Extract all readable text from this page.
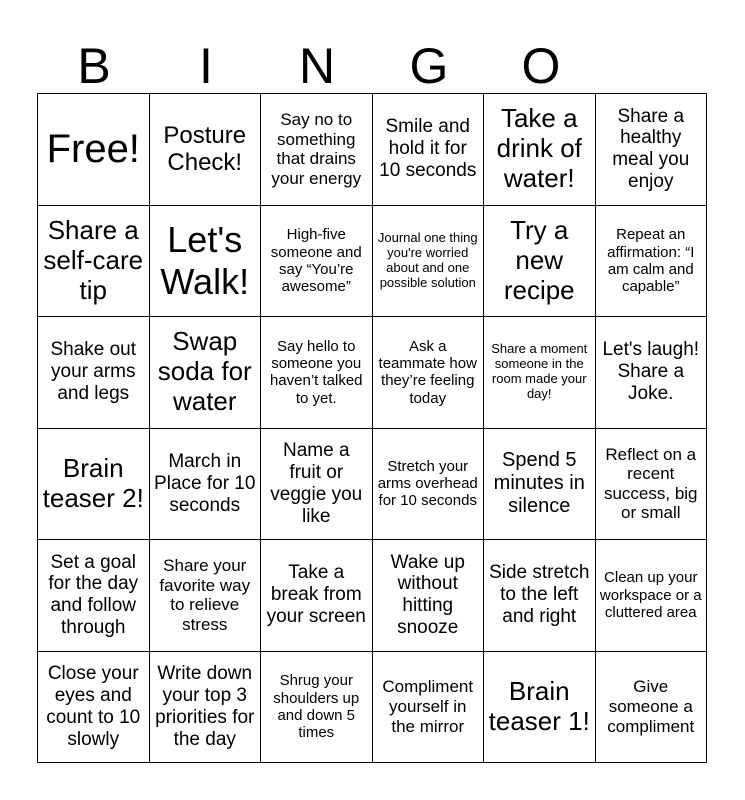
B	I	N	G	O
Free!	Posture Check!	Say no to something that drains your energy	Smile and hold it for 10 seconds	Take a drink of water!	Share a healthy meal you enjoy
Share a self-care tip	Let's Walk!	High-five someone and say “You’re awesome”	Journal one thing you're worried about and one possible solution	Try a new recipe	Repeat an affirmation: “I am calm and capable”
Shake out your arms and legs	Swap soda for water	Say hello to someone you haven’t talked to yet.	Ask a teammate how they’re feeling today	Share a moment someone in the room made your day!	Let's laugh! Share a Joke.
Brain teaser 2!	March in Place for 10 seconds	Name a fruit or veggie you like	Stretch your arms overhead for 10 seconds	Spend 5 minutes in silence	Reflect on a recent success, big or small
Set a goal for the day and follow through	Share your favorite way to relieve stress	Take a break from your screen	Wake up without hitting snooze	Side stretch to the left and right	Clean up your workspace or a cluttered area
Close your eyes and count to 10 slowly	Write down your top 3 priorities for the day	Shrug your shoulders up and down 5 times	Compliment yourself in the mirror	Brain teaser 1!	Give someone a compliment
